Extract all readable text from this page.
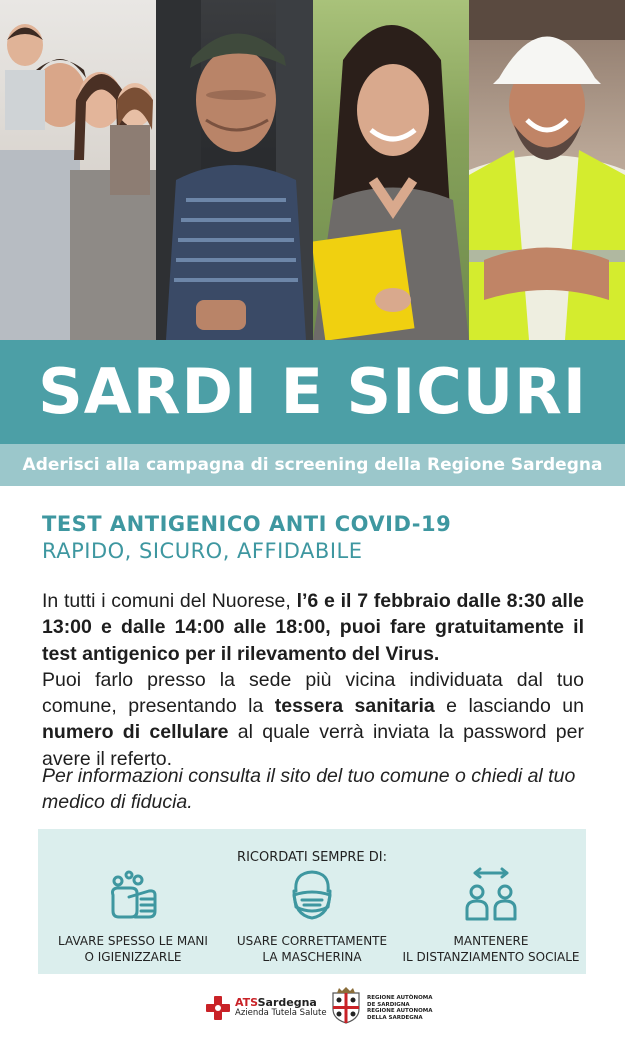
SARDI E SICURI
Aderisci alla campagna di screening della Regione Sardegna
TEST ANTIGENICO ANTI COVID-19
RAPIDO, SICURO, AFFIDABILE
In tutti i comuni del Nuorese, l’6 e il 7 febbraio dalle 8:30 alle 13:00 e dalle 14:00 alle 18:00, puoi fare gratuitamente il test antigenico per il rilevamento del Virus.
Puoi farlo presso la sede più vicina individuata dal tuo comune, presentando la tessera sanitaria e lasciando un numero di cellulare al quale verrà inviata la password per avere il referto.
Per informazioni consulta il sito del tuo comune o chiedi al tuo medico di fiducia.
RICORDATI SEMPRE DI:
LAVARE SPESSO LE MANI
O IGIENIZZARLE
USARE CORRETTAMENTE
LA MASCHERINA
MANTENERE
IL DISTANZIAMENTO SOCIALE
ATSSardegna
Azienda Tutela Salute
REGIONE AUTÒNOMA
DE SARDIGNA
REGIONE AUTONOMA
DELLA SARDEGNA
